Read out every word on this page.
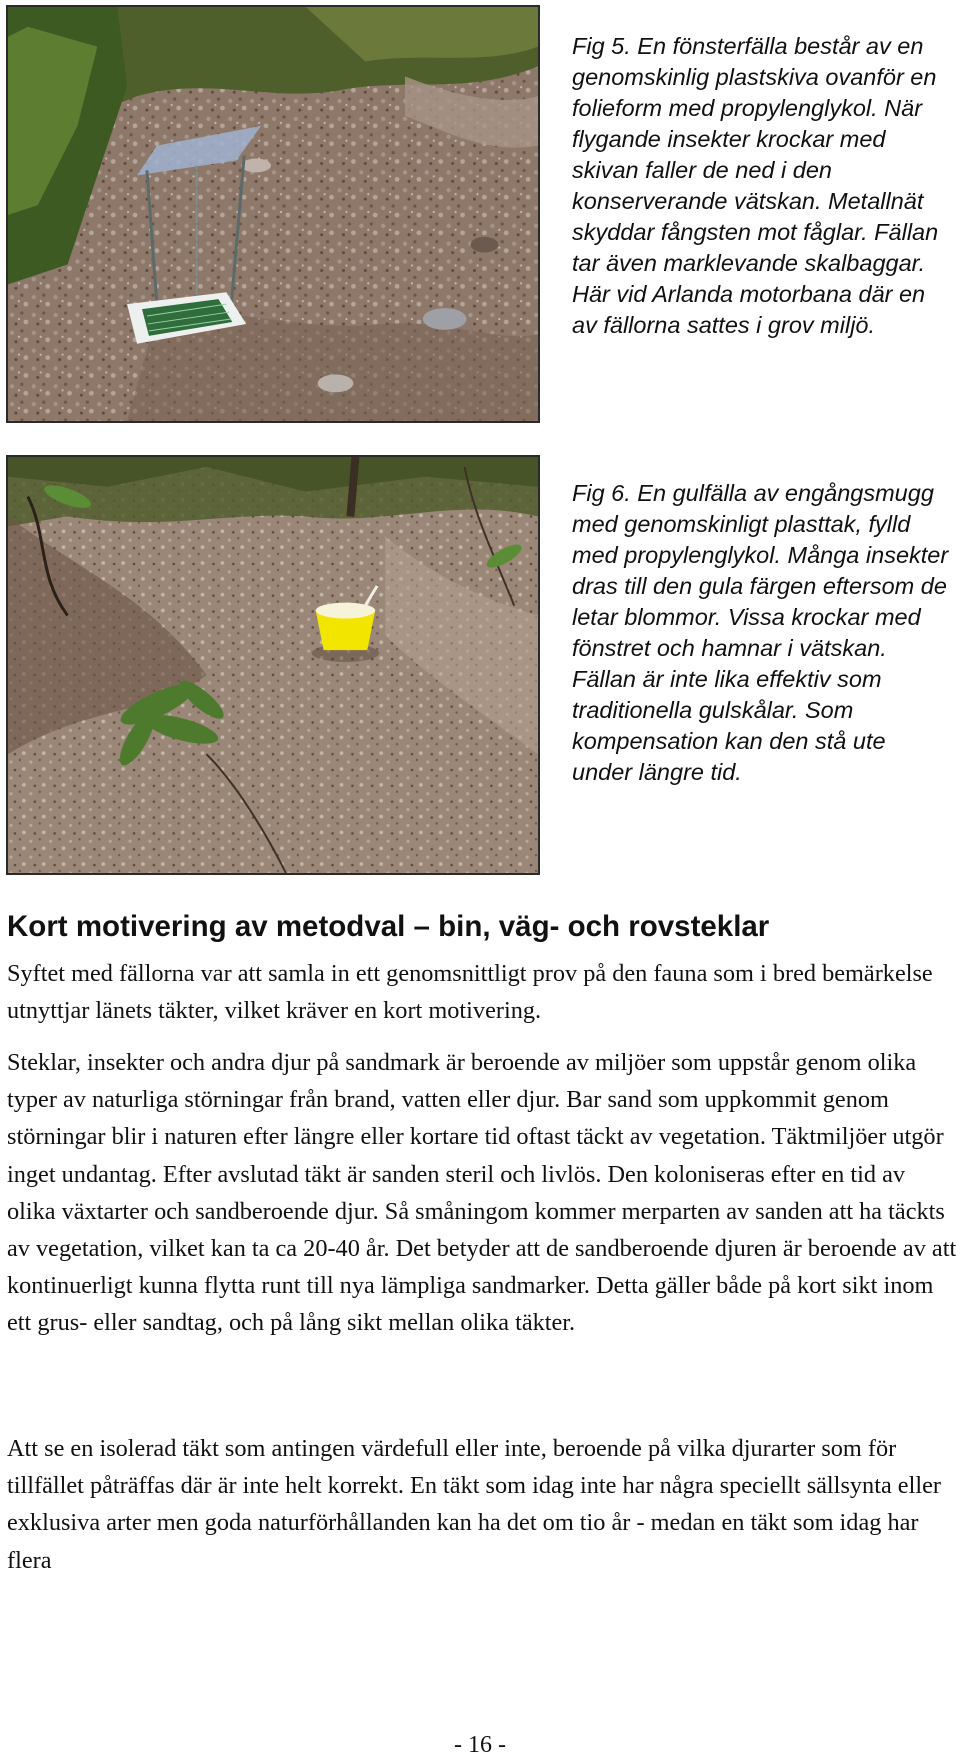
Fig 5. En fönsterfälla består av en genomskinlig plastskiva ovanför en folieform med propylenglykol. När flygande insekter krockar med skivan faller de ned i den konserverande vätskan. Metallnät skyddar fångsten mot fåglar. Fällan tar även marklevande skalbaggar. Här vid Arlanda motorbana där en av fällorna sattes i grov miljö.

Fig 6. En gulfälla av engångsmugg med genomskinligt plasttak, fylld med propylenglykol. Många insekter dras till den gula färgen eftersom de letar blommor. Vissa krockar med fönstret och hamnar i vätskan. Fällan är inte lika effektiv som traditionella gulskålar. Som kompensation kan den stå ute under längre tid.

Kort motivering av metodval – bin, väg- och rovsteklar

Syftet med fällorna var att samla in ett genomsnittligt prov på den fauna som i bred bemärkelse utnyttjar länets täkter, vilket kräver en kort motivering.

Steklar, insekter och andra djur på sandmark är beroende av miljöer som uppstår genom olika typer av naturliga störningar från brand, vatten eller djur. Bar sand som uppkommit genom störningar blir i naturen efter längre eller kortare tid oftast täckt av vegetation. Täktmiljöer utgör inget undantag. Efter avslutad täkt är sanden steril och livlös. Den koloniseras efter en tid av olika växtarter och sandberoende djur. Så småningom kommer merparten av sanden att ha täckts av vegetation, vilket kan ta ca 20-40 år. Det betyder att de sandberoende djuren är beroende av att kontinuerligt kunna flytta runt till nya lämpliga sandmarker. Detta gäller både på kort sikt inom ett grus- eller sandtag, och på lång sikt mellan olika täkter.

Att se en isolerad täkt som antingen värdefull eller inte, beroende på vilka djurarter som för tillfället påträffas där är inte helt korrekt. En täkt som idag inte har några speciellt sällsynta eller exklusiva arter men goda naturförhållanden kan ha det om tio år - medan en täkt som idag har flera

- 16 -
